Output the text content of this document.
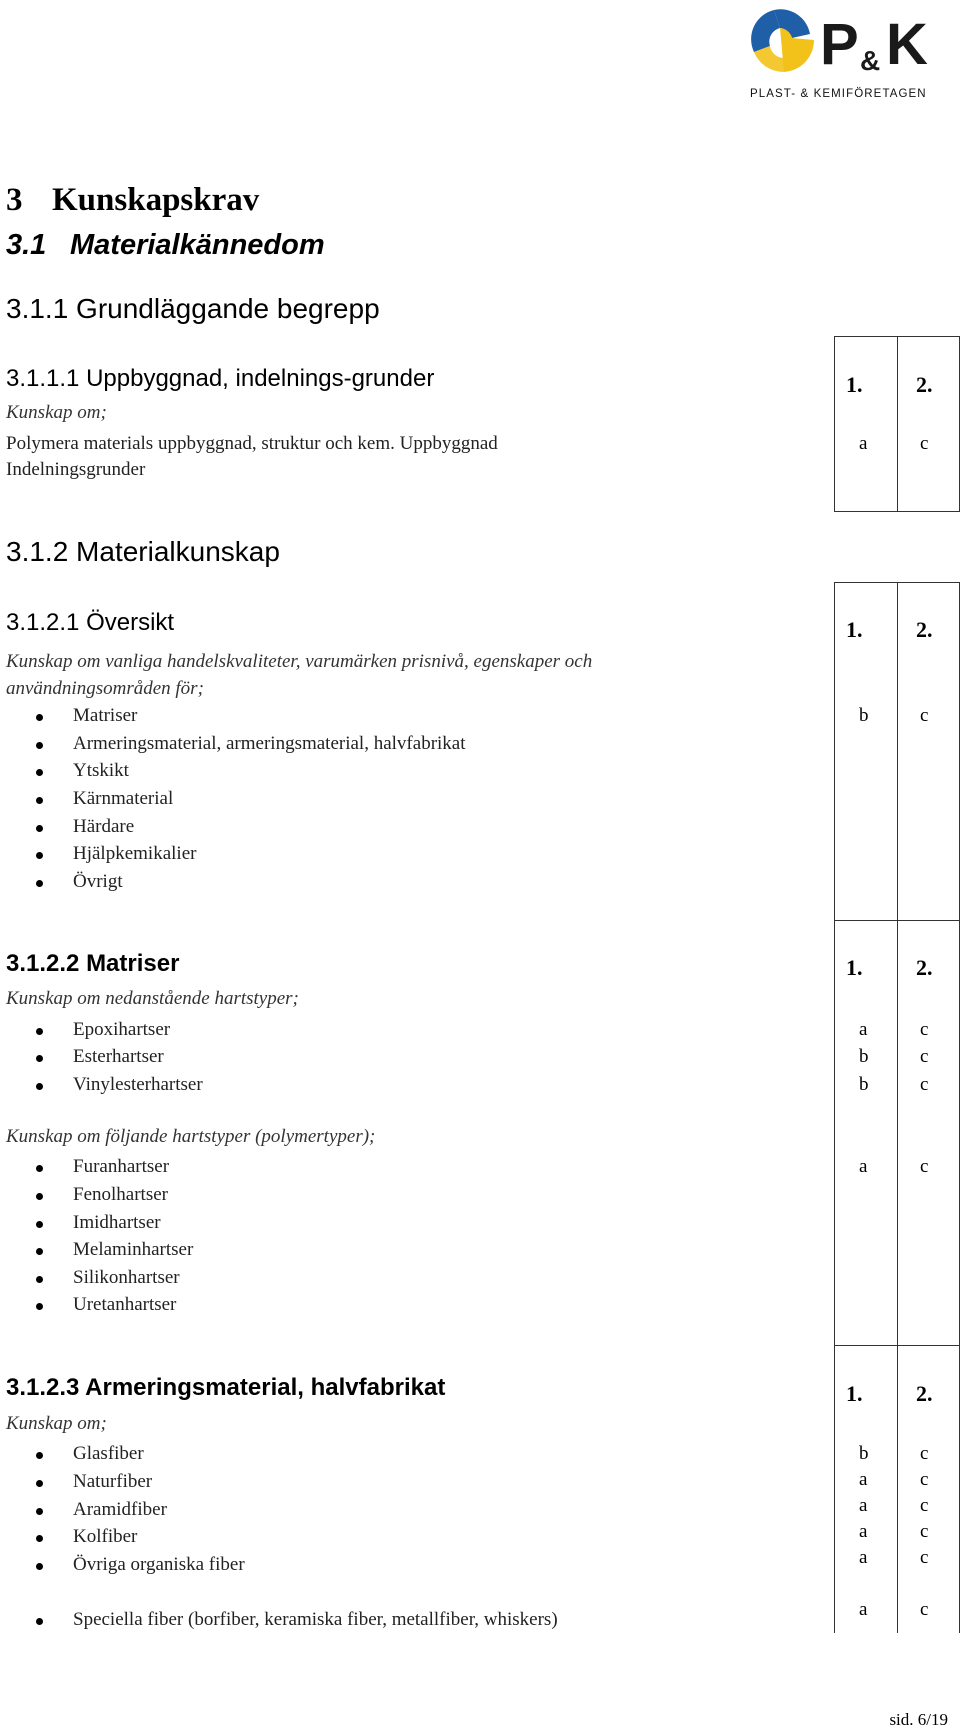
P & K
PLAST- & KEMIFÖRETAGEN
3 Kunskapskrav
3.1 Materialkännedom
3.1.1 Grundläggande begrepp
3.1.1.1 Uppbyggnad, indelnings-grunder
Kunskap om;
Polymera materials uppbyggnad, struktur och kem. Uppbyggnad
Indelningsgrunder
1. 2.
a	c
3.1.2 Materialkunskap
3.1.2.1 Översikt
Kunskap om vanliga handelskvaliteter, varumärken prisnivå, egenskaper och
användningsområden för;
Matriser
Armeringsmaterial, armeringsmaterial, halvfabrikat
Ytskikt
Kärnmaterial
Härdare
Hjälpkemikalier
Övrigt
1. 2.
b	c
3.1.2.2 Matriser
Kunskap om nedanstående hartstyper;
Epoxihartser
Esterhartser
Vinylesterhartser
Kunskap om följande hartstyper (polymertyper);
Furanhartser
Fenolhartser
Imidhartser
Melaminhartser
Silikonhartser
Uretanhartser
1. 2.
a	c
b	c
b	c
a	c
3.1.2.3 Armeringsmaterial, halvfabrikat
Kunskap om;
Glasfiber
Naturfiber
Aramidfiber
Kolfiber
Övriga organiska fiber
Speciella fiber (borfiber, keramiska fiber, metallfiber, whiskers)
1. 2.
b	c
a	c
a	c
a	c
a	c
a	c
sid. 6/19
